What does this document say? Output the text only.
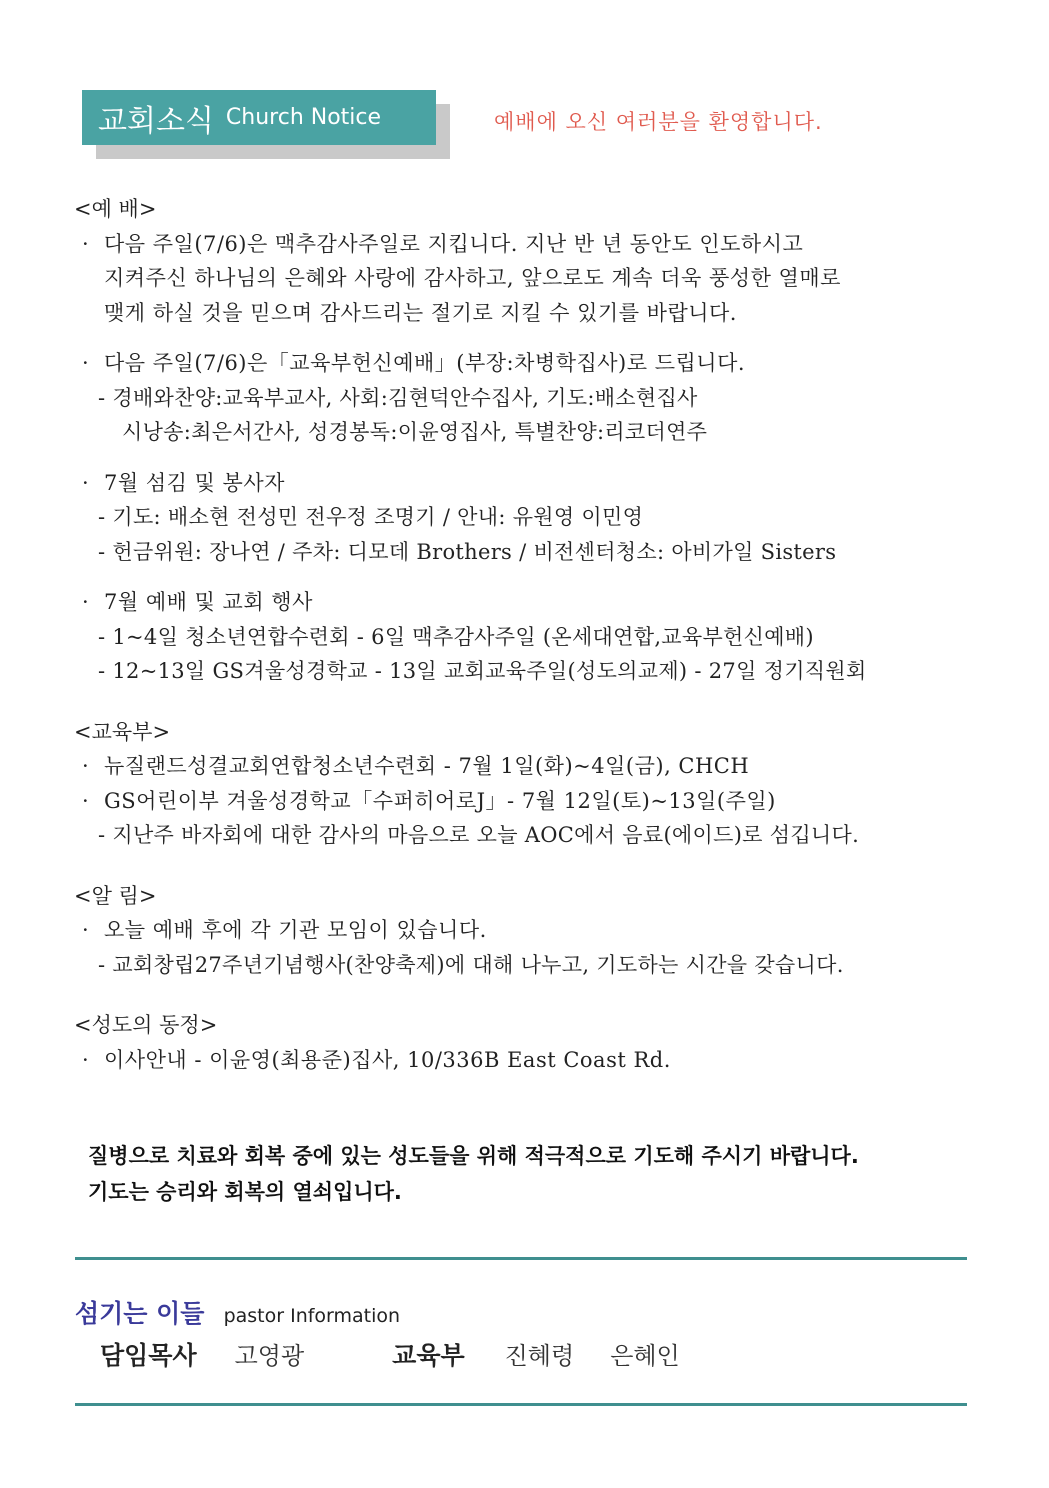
교회소식 Church Notice	예배에 오신 여러분을 환영합니다.

<예 배>

· 다음 주일(7/6)은 맥추감사주일로 지킵니다. 지난 반 년 동안도 인도하시고

지켜주신 하나님의 은혜와 사랑에 감사하고, 앞으로도 계속 더욱 풍성한 열매로

맺게 하실 것을 믿으며 감사드리는 절기로 지킬 수 있기를 바랍니다.

· 다음 주일(7/6)은「교육부헌신예배」(부장:차병학집사)로 드립니다.

- 경배와찬양:교육부교사, 사회:김현덕안수집사, 기도:배소현집사

시낭송:최은서간사, 성경봉독:이윤영집사, 특별찬양:리코더연주

· 7월 섬김 및 봉사자

- 기도: 배소현 전성민 전우정 조명기 / 안내: 유원영 이민영

- 헌금위원: 장나연 / 주차: 디모데 Brothers / 비전센터청소: 아비가일 Sisters

· 7월 예배 및 교회 행사

- 1~4일 청소년연합수련회 - 6일 맥추감사주일 (온세대연합,교육부헌신예배)

- 12~13일 GS겨울성경학교 - 13일 교회교육주일(성도의교제) - 27일 정기직원회

<교육부>

· 뉴질랜드성결교회연합청소년수련회 - 7월 1일(화)~4일(금), CHCH

· GS어린이부 겨울성경학교「수퍼히어로J」- 7월 12일(토)~13일(주일)

- 지난주 바자회에 대한 감사의 마음으로 오늘 AOC에서 음료(에이드)로 섬깁니다.

<알 림>

· 오늘 예배 후에 각 기관 모임이 있습니다.

- 교회창립27주년기념행사(찬양축제)에 대해 나누고, 기도하는 시간을 갖습니다.

<성도의 동정>

· 이사안내 - 이윤영(최용준)집사, 10/336B East Coast Rd.

질병으로 치료와 회복 중에 있는 성도들을 위해 적극적으로 기도해 주시기 바랍니다.
기도는 승리와 회복의 열쇠입니다.
섬기는 이들 pastor Information
담임목사 고영광	교육부 진혜령 은혜인
